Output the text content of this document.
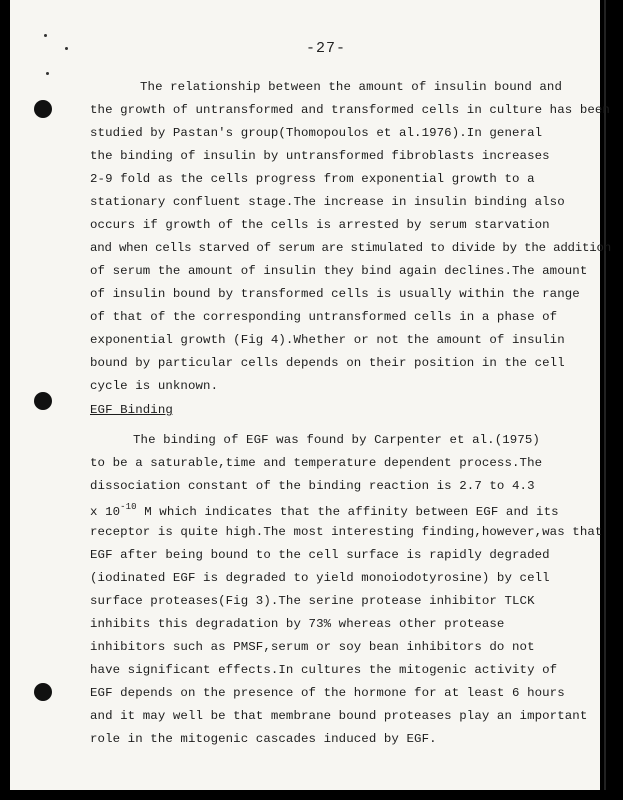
-27-
The relationship between the amount of insulin bound and
the growth of untransformed and transformed cells in culture has been
studied by Pastan's group(Thomopoulos et al.1976).In general
the binding of insulin by untransformed fibroblasts increases
2-9 fold as the cells progress from exponential growth to a
stationary confluent stage.The increase in insulin binding also
occurs if growth of the cells is arrested by serum starvation
and when cells starved of serum are stimulated to divide by the addition
of serum the amount of insulin they bind again declines.The amount
of insulin bound by transformed cells is usually within the range
of that of the corresponding untransformed cells in a phase of
exponential growth (Fig 4).Whether or not the amount of insulin
bound by particular cells depends on their position in the cell
cycle is unknown.
EGF Binding
The binding of EGF was found by Carpenter et al.(1975)
to be a saturable,time and temperature dependent process.The
dissociation constant of the binding reaction is 2.7 to 4.3
x $10^{-10}$ M which indicates that the affinity between EGF and its
receptor is quite high.The most interesting finding,however,was that
EGF after being bound to the cell surface is rapidly degraded
(iodinated EGF is degraded to yield monoiodotyrosine) by cell
surface proteases(Fig 3).The serine protease inhibitor TLCK
inhibits this degradation by 73% whereas other protease
inhibitors such as PMSF,serum or soy bean inhibitors do not
have significant effects.In cultures the mitogenic activity of
EGF depends on the presence of the hormone for at least 6 hours
and it may well be that membrane bound proteases play an important
role in the mitogenic cascades induced by EGF.
